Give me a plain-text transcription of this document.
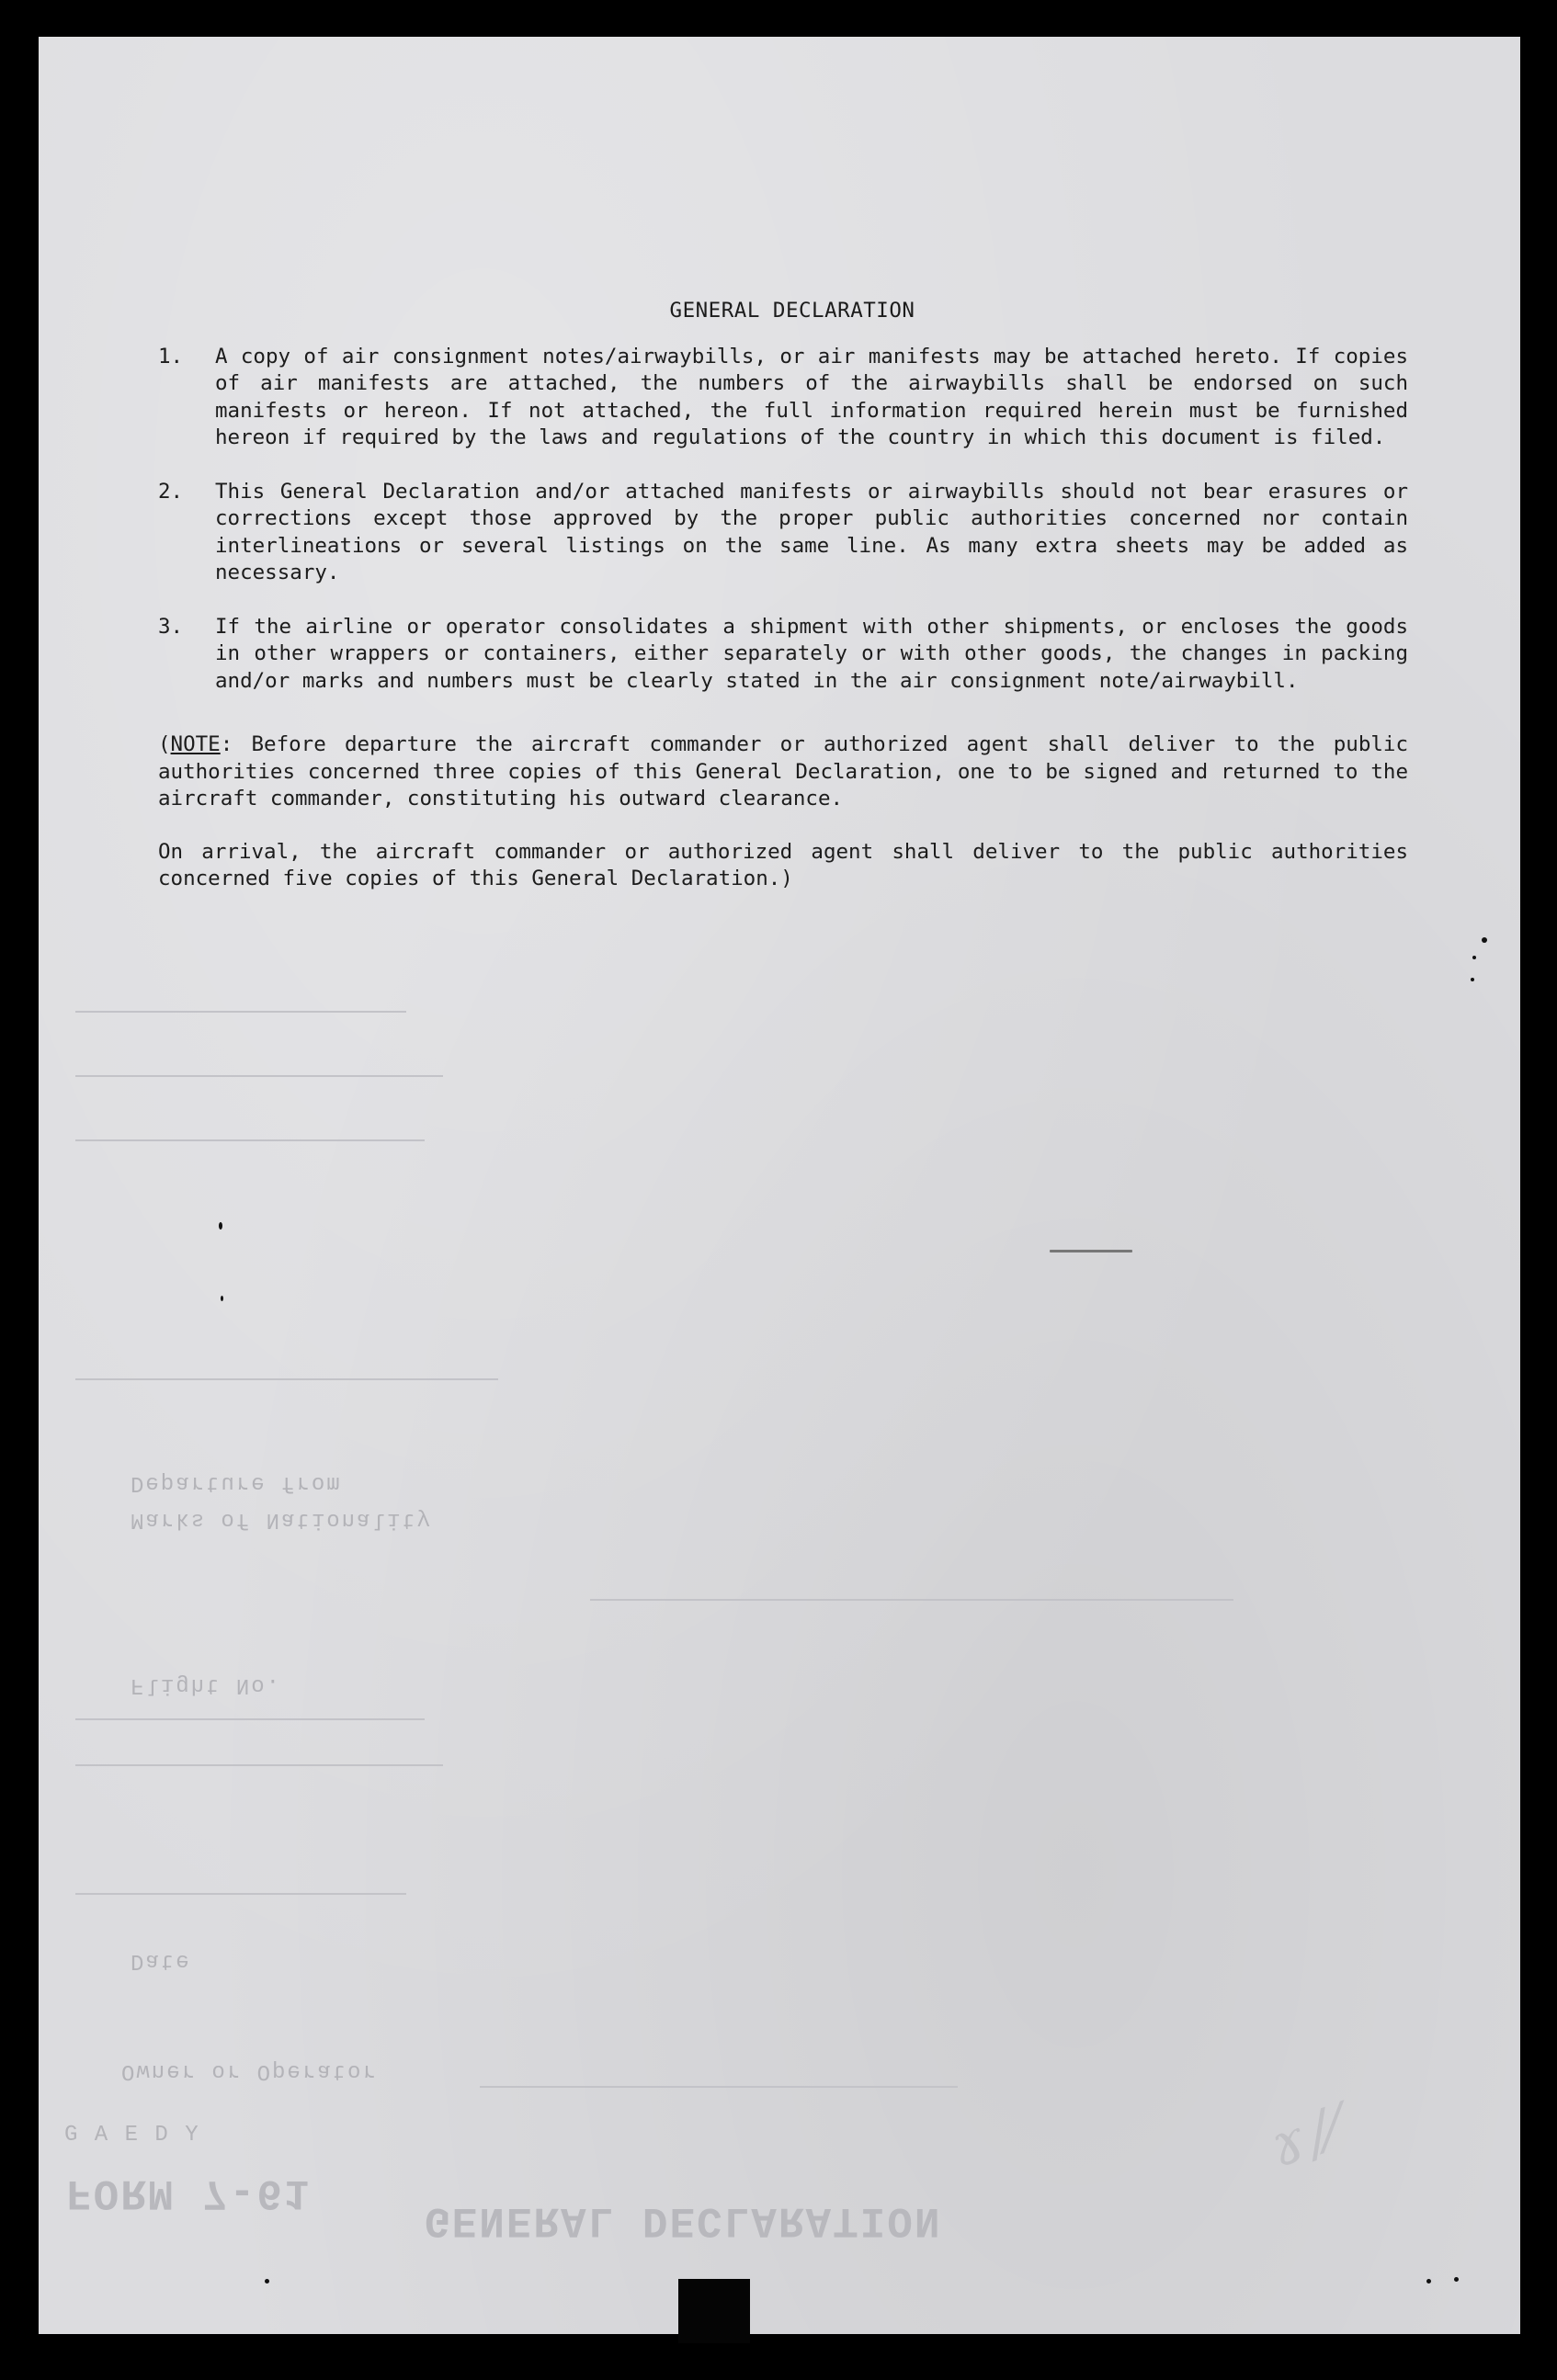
G A E D Y
FORM 7-61
Owner or Operator
GENERAL DECLARATION
Departure from
Marks of Nationality
Flight No.
Date
ɤ /⁄
GENERAL DECLARATION
1.	A copy of air consignment notes/airwaybills, or air manifests may be attached hereto. If copies of air manifests are attached, the numbers of the airwaybills shall be endorsed on such manifests or hereon. If not attached, the full information required herein must be furnished hereon if required by the laws and regulations of the country in which this document is filed.
2.	This General Declaration and/or attached manifests or airwaybills should not bear erasures or corrections except those approved by the proper public authorities concerned nor contain interlineations or several listings on the same line. As many extra sheets may be added as necessary.
3.	If the airline or operator consolidates a shipment with other shipments, or encloses the goods in other wrappers or containers, either separately or with other goods, the changes in packing and/or marks and numbers must be clearly stated in the air consignment note/airwaybill.
(NOTE: Before departure the aircraft commander or authorized agent shall deliver to the public authorities concerned three copies of this General Declaration, one to be signed and returned to the aircraft commander, constituting his outward clearance.
On arrival, the aircraft commander or authorized agent shall deliver to the public authorities concerned five copies of this General Declaration.)
